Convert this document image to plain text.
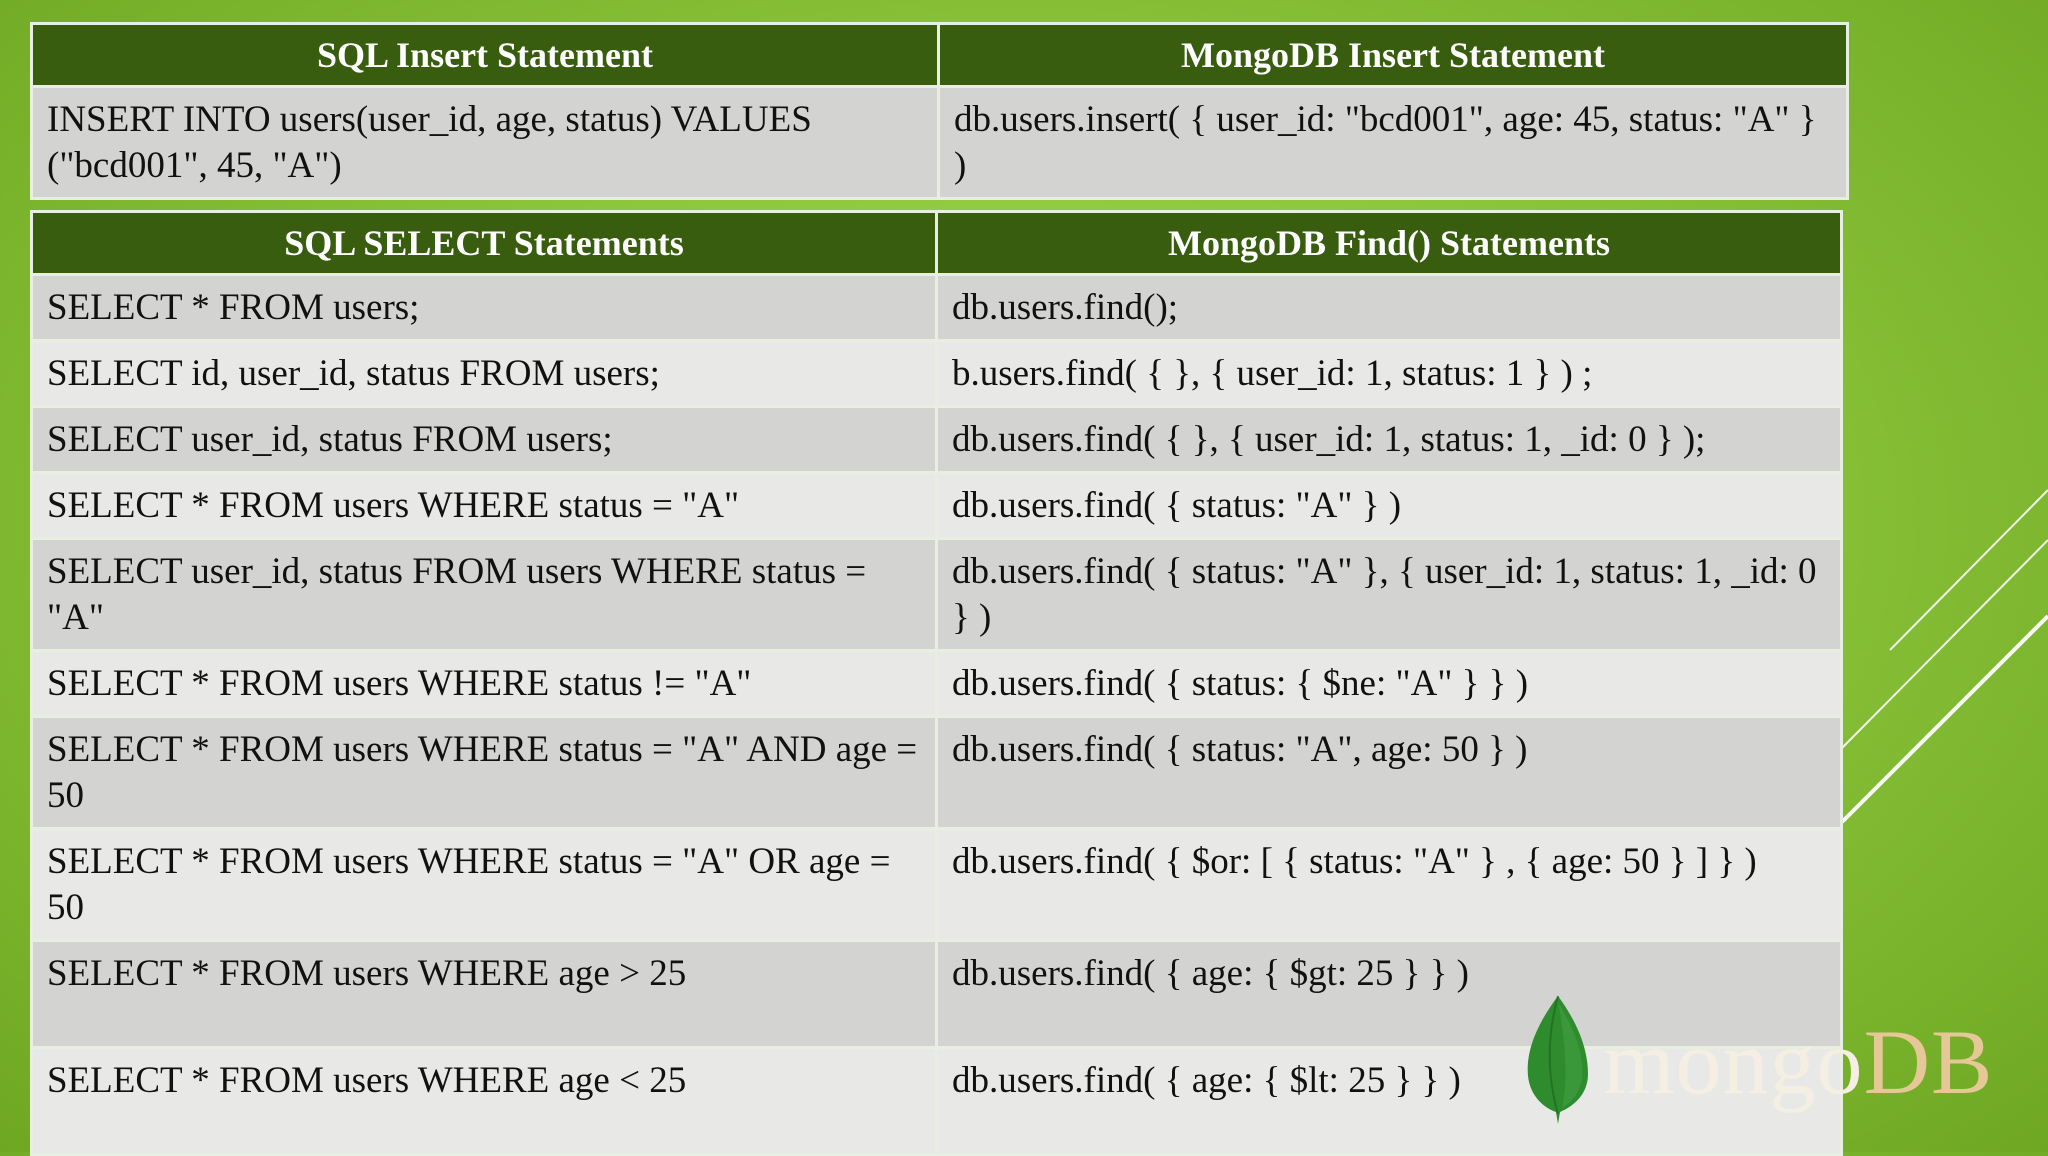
SQL Insert Statement	MongoDB Insert Statement
INSERT INTO users(user_id, age, status) VALUES ("bcd001", 45, "A")	db.users.insert( { user_id: "bcd001", age: 45, status: "A" } )
SQL SELECT Statements	MongoDB Find() Statements
SELECT * FROM users;	db.users.find();
SELECT id, user_id, status FROM users;	b.users.find( { }, { user_id: 1, status: 1 } ) ;
SELECT user_id, status FROM users;	db.users.find( { }, { user_id: 1, status: 1, _id: 0 } );
SELECT * FROM users WHERE status = "A"	db.users.find( { status: "A" } )
SELECT user_id, status FROM users WHERE status = "A"	db.users.find( { status: "A" }, { user_id: 1, status: 1, _id: 0 } )
SELECT * FROM users WHERE status != "A"	db.users.find( { status: { $ne: "A" } } )
SELECT * FROM users WHERE status = "A" AND age = 50	db.users.find( { status: "A", age: 50 } )
SELECT * FROM users WHERE status = "A" OR age = 50	db.users.find( { $or: [ { status: "A" } , { age: 50 } ] } )
SELECT * FROM users WHERE age > 25	db.users.find( { age: { $gt: 25 } } )
SELECT * FROM users WHERE age < 25	db.users.find( { age: { $lt: 25 } } ) mongoDB
